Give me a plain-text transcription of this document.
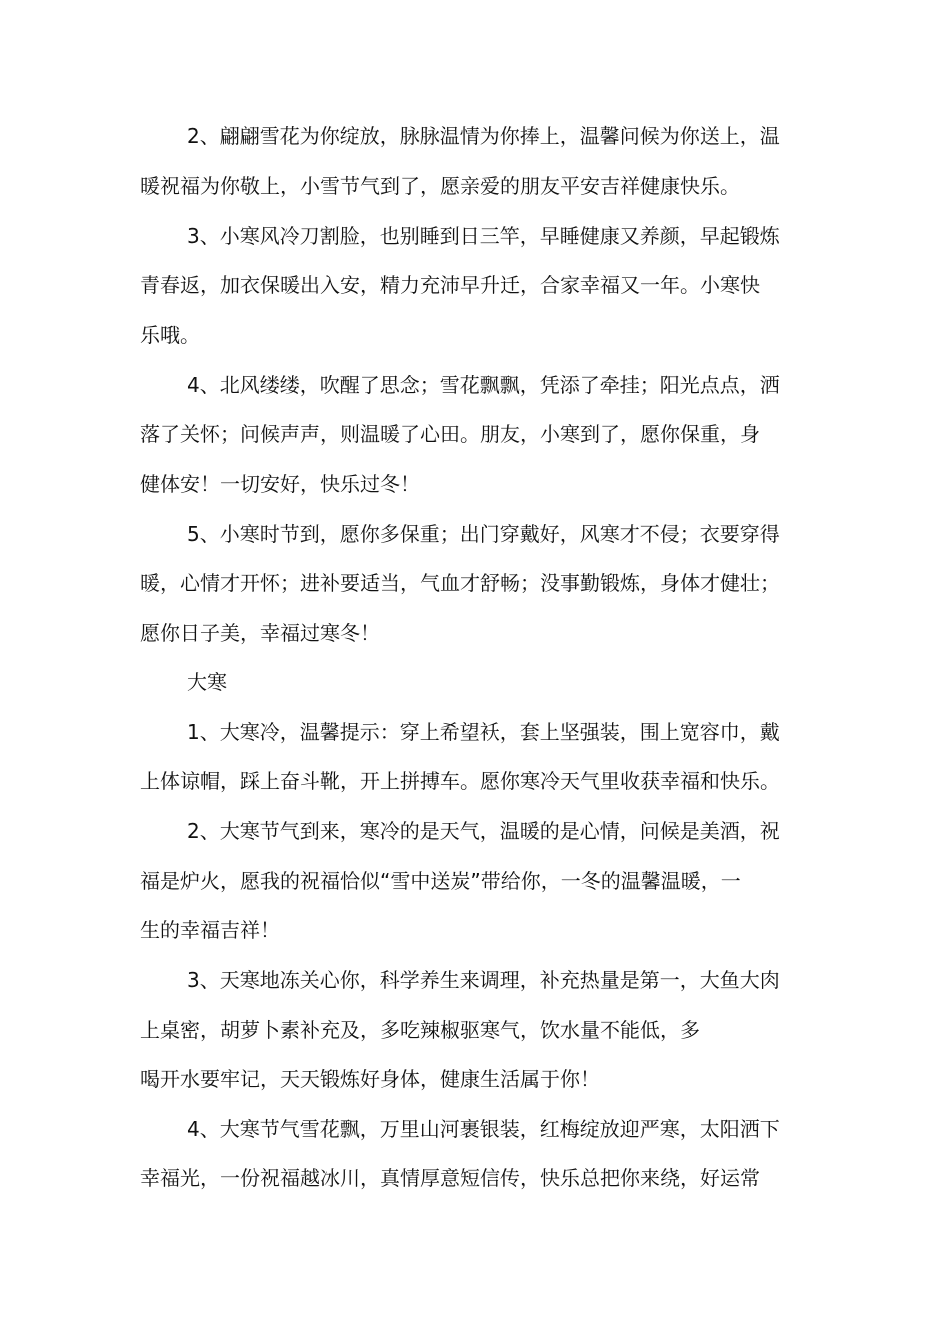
2、翩翩雪花为你绽放，脉脉温情为你捧上，温馨问候为你送上，温

暖祝福为你敬上，小雪节气到了，愿亲爱的朋友平安吉祥健康快乐。

3、小寒风冷刀割脸，也别睡到日三竿，早睡健康又养颜，早起锻炼

青春返，加衣保暖出入安，精力充沛早升迁，合家幸福又一年。小寒快

乐哦。

4、北风缕缕，吹醒了思念；雪花飘飘，凭添了牵挂；阳光点点，洒

落了关怀；问候声声，则温暖了心田。朋友，小寒到了，愿你保重，身

健体安！一切安好，快乐过冬！

5、小寒时节到，愿你多保重；出门穿戴好，风寒才不侵；衣要穿得

暖，心情才开怀；进补要适当，气血才舒畅；没事勤锻炼，身体才健壮；

愿你日子美，幸福过寒冬！

大寒

1、大寒冷，温馨提示：穿上希望袄，套上坚强装，围上宽容巾，戴

上体谅帽，踩上奋斗靴，开上拼搏车。愿你寒冷天气里收获幸福和快乐。

2、大寒节气到来，寒冷的是天气，温暖的是心情，问候是美酒，祝

福是炉火，愿我的祝福恰似“雪中送炭”带给你，一冬的温馨温暖，一

生的幸福吉祥！

3、天寒地冻关心你，科学养生来调理，补充热量是第一，大鱼大肉

上桌密，胡萝卜素补充及，多吃辣椒驱寒气，饮水量不能低，多

喝开水要牢记，天天锻炼好身体，健康生活属于你！

4、大寒节气雪花飘，万里山河裹银装，红梅绽放迎严寒，太阳洒下

幸福光，一份祝福越冰川，真情厚意短信传，快乐总把你来绕，好运常
